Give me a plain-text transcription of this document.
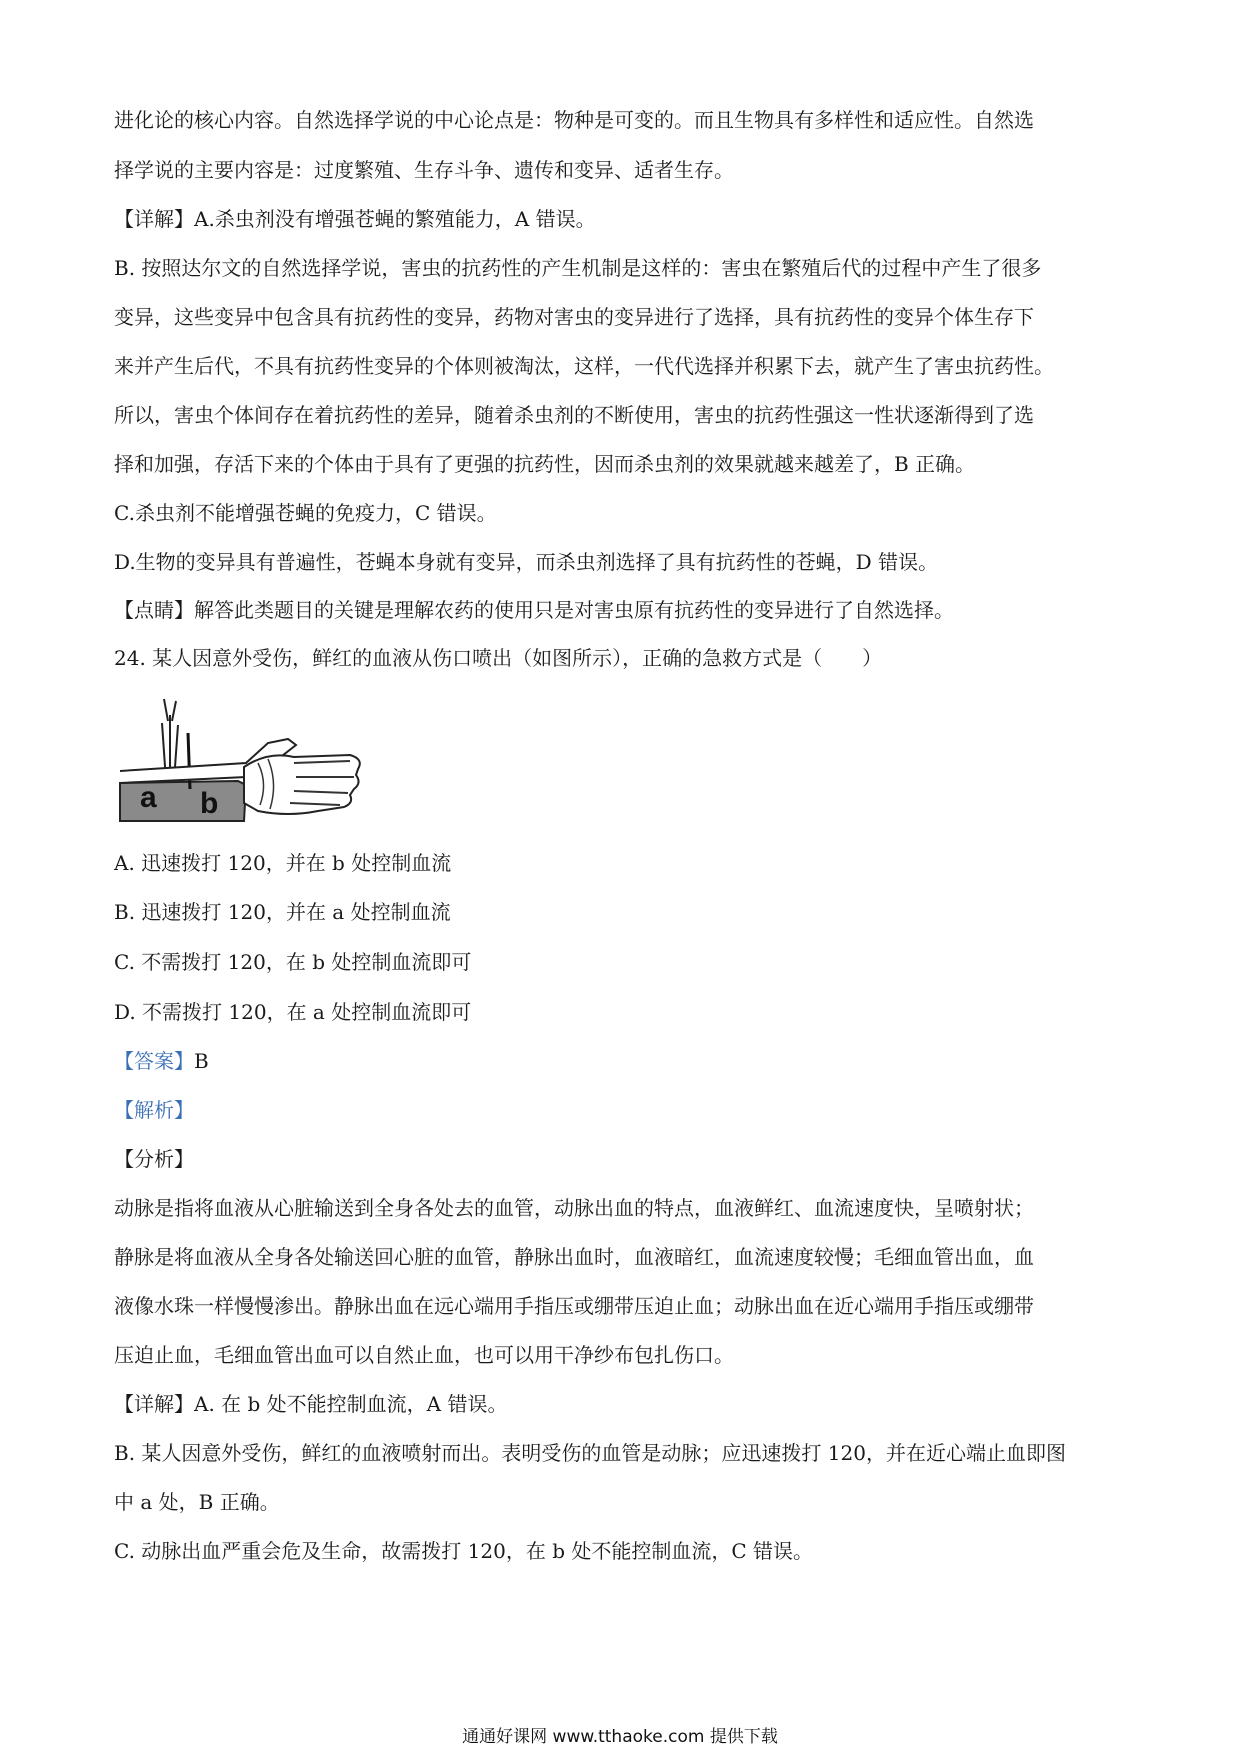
进化论的核心内容。自然选择学说的中心论点是：物种是可变的。而且生物具有多样性和适应性。自然选
择学说的主要内容是：过度繁殖、生存斗争、遗传和变异、适者生存。
【详解】A.杀虫剂没有增强苍蝇的繁殖能力，A 错误。
B. 按照达尔文的自然选择学说，害虫的抗药性的产生机制是这样的：害虫在繁殖后代的过程中产生了很多
变异，这些变异中包含具有抗药性的变异，药物对害虫的变异进行了选择，具有抗药性的变异个体生存下
来并产生后代，不具有抗药性变异的个体则被淘汰，这样，一代代选择并积累下去，就产生了害虫抗药性。
所以，害虫个体间存在着抗药性的差异，随着杀虫剂的不断使用，害虫的抗药性强这一性状逐渐得到了选
择和加强，存活下来的个体由于具有了更强的抗药性，因而杀虫剂的效果就越来越差了，B 正确。
C.杀虫剂不能增强苍蝇的免疫力，C 错误。
D.生物的变异具有普遍性，苍蝇本身就有变异，而杀虫剂选择了具有抗药性的苍蝇，D 错误。
【点睛】解答此类题目的关键是理解农药的使用只是对害虫原有抗药性的变异进行了自然选择。
24. 某人因意外受伤，鲜红的血液从伤口喷出（如图所示），正确的急救方式是（　　）
a b
A. 迅速拨打 120，并在 b 处控制血流
B. 迅速拨打 120，并在 a 处控制血流
C. 不需拨打 120，在 b 处控制血流即可
D. 不需拨打 120，在 a 处控制血流即可
【答案】B
【解析】
【分析】
动脉是指将血液从心脏输送到全身各处去的血管，动脉出血的特点，血液鲜红、血流速度快，呈喷射状；
静脉是将血液从全身各处输送回心脏的血管，静脉出血时，血液暗红，血流速度较慢；毛细血管出血，血
液像水珠一样慢慢渗出。静脉出血在远心端用手指压或绷带压迫止血；动脉出血在近心端用手指压或绷带
压迫止血，毛细血管出血可以自然止血，也可以用干净纱布包扎伤口。
【详解】A. 在 b 处不能控制血流，A 错误。
B. 某人因意外受伤，鲜红的血液喷射而出。表明受伤的血管是动脉；应迅速拨打 120，并在近心端止血即图
中 a 处，B 正确。
C. 动脉出血严重会危及生命，故需拨打 120，在 b 处不能控制血流，C 错误。
通通好课网 www.tthaoke.com 提供下载
